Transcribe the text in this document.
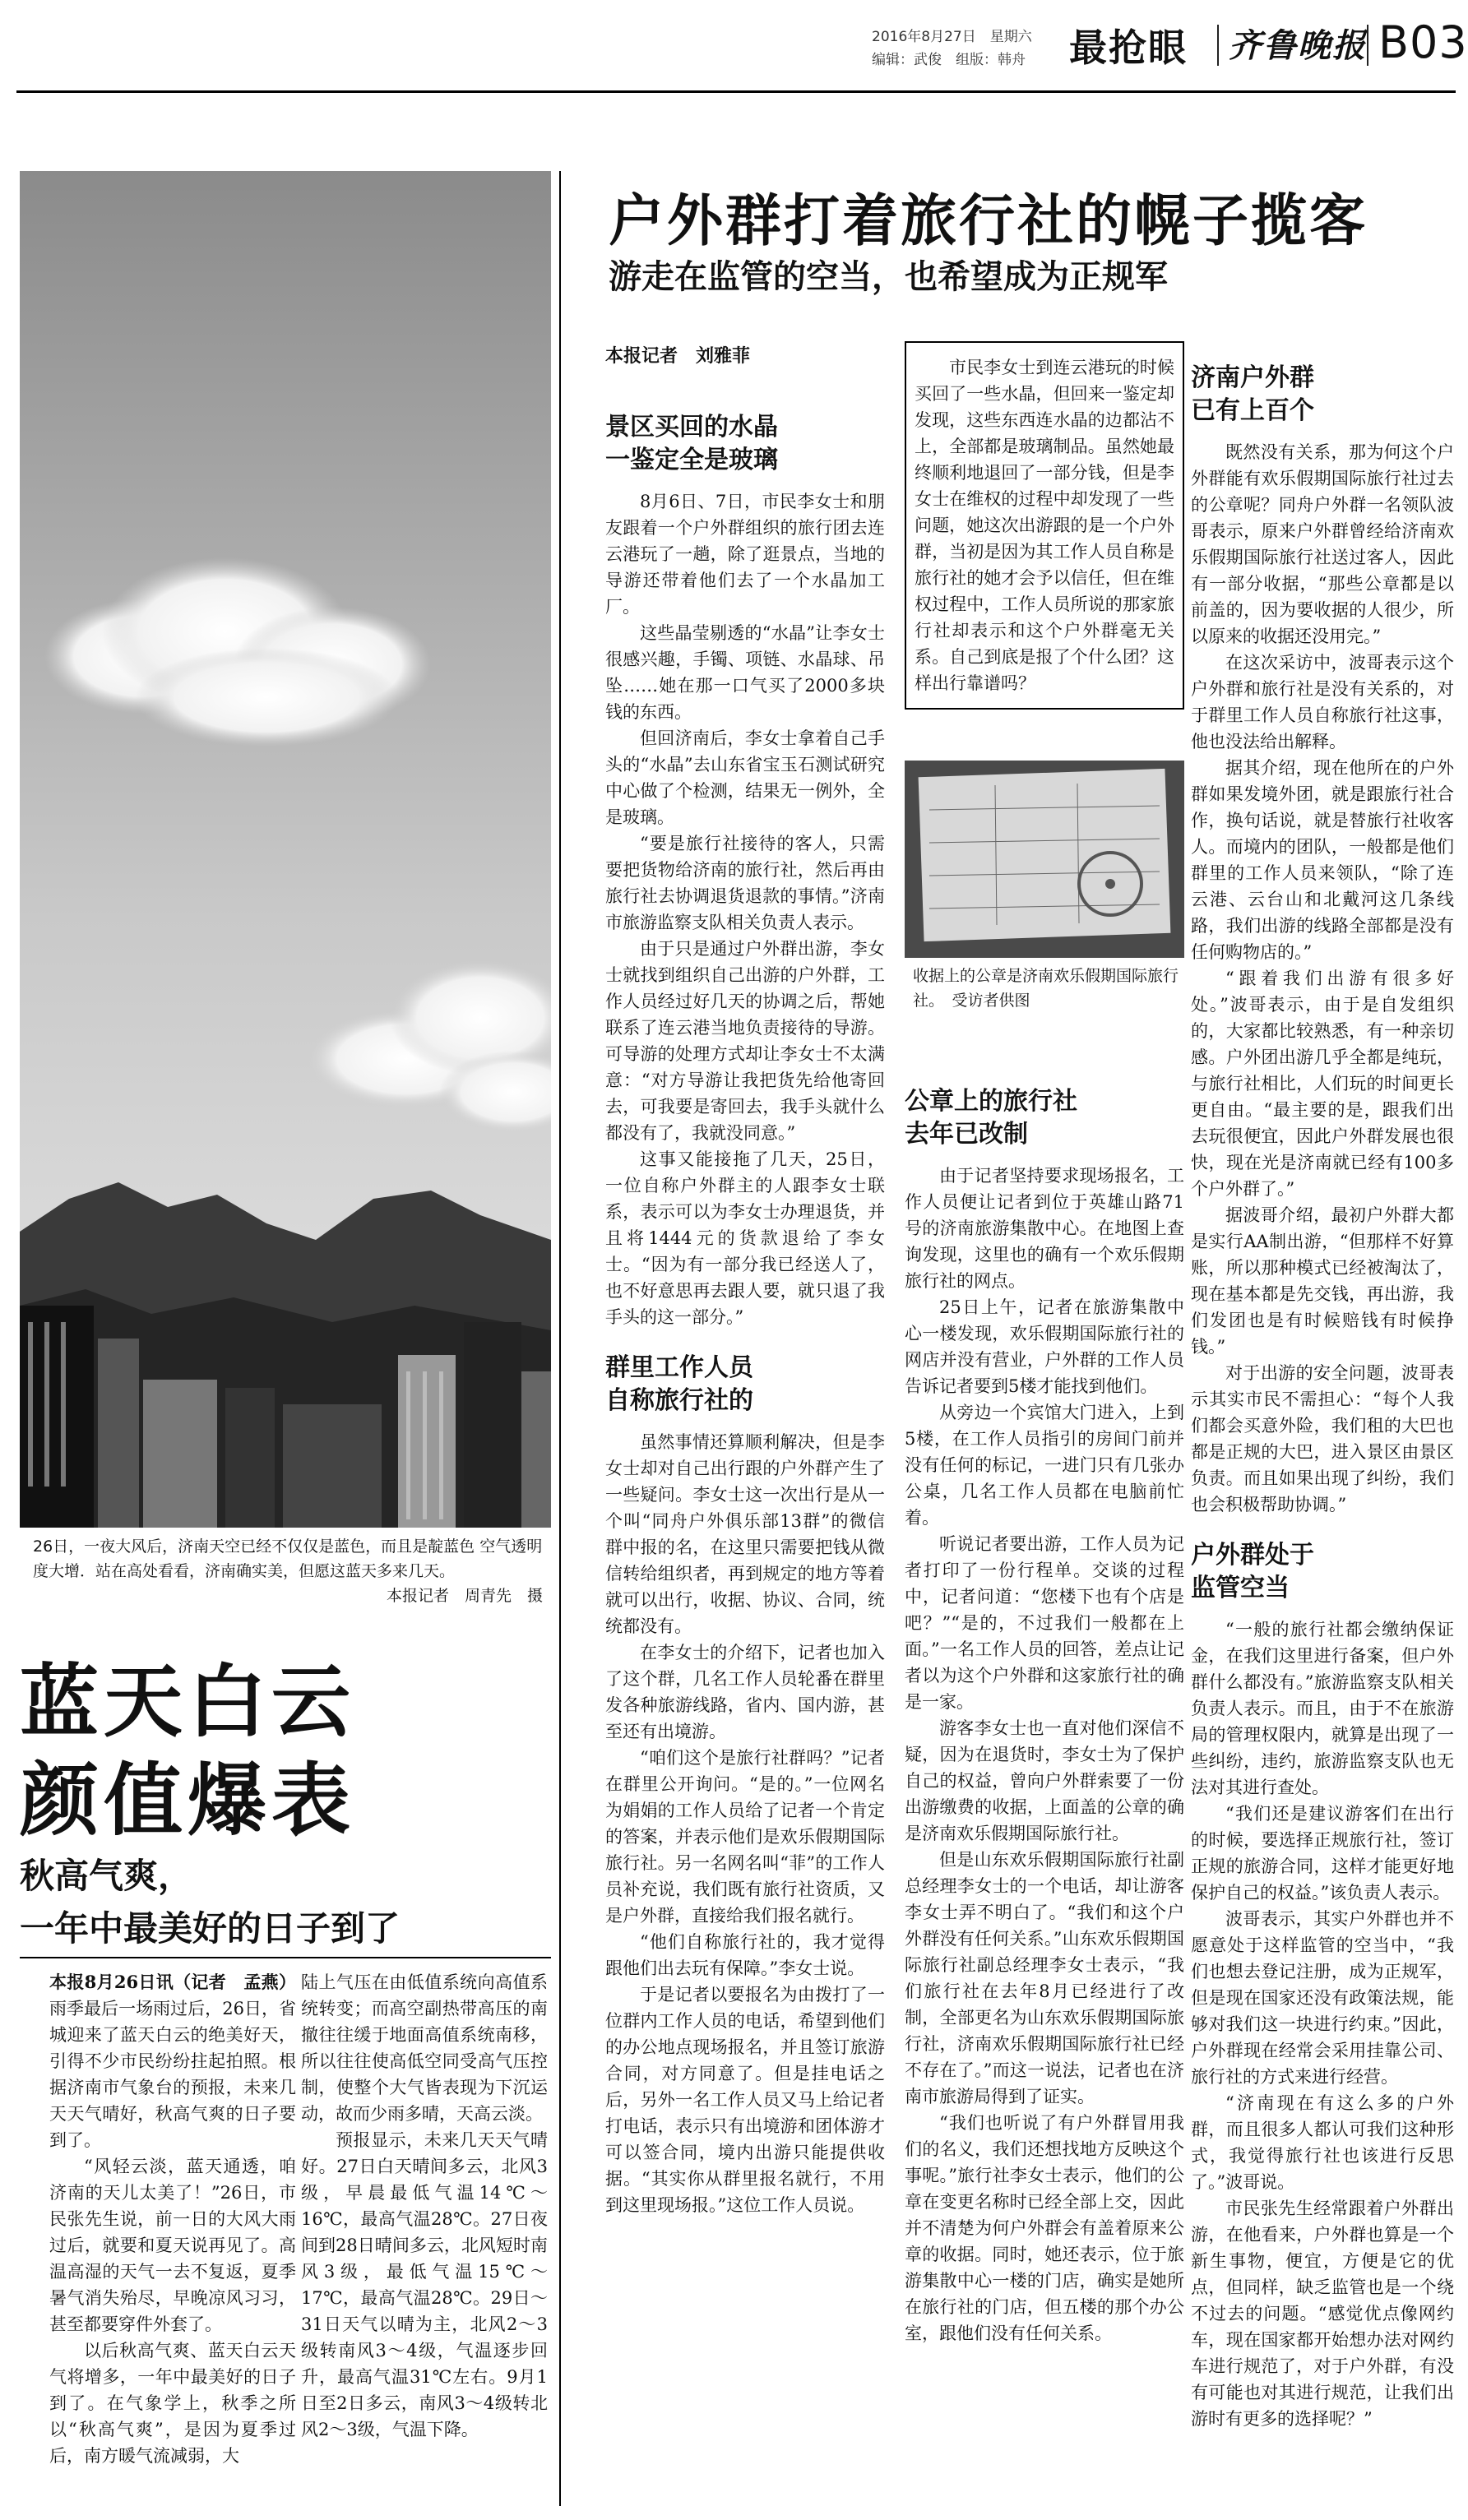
2016年8月27日　星期六
编辑：武俊　组版：韩舟 最抢眼 齐鲁晚报 B03
26日，一夜大风后，济南天空已经不仅仅是蓝色，而且是靛蓝色 空气透明度大增．站在高处看看，济南确实美，但愿这蓝天多来几天。
本报记者　周青先　摄
蓝天白云
颜值爆表
秋高气爽，
一年中最美好的日子到了

本报8月26日讯（记者　孟燕）雨季最后一场雨过后，26日，省城迎来了蓝天白云的绝美好天，引得不少市民纷纷拄起拍照。根据济南市气象台的预报，未来几天天气晴好，秋高气爽的日子要到了。

“风轻云淡，蓝天通透，咱济南的天儿太美了！”26日，市民张先生说，前一日的大风大雨过后，就要和夏天说再见了。高温高湿的天气一去不复返，夏季暑气消失殆尽，早晚凉风习习，甚至都要穿件外套了。

以后秋高气爽、蓝天白云天气将增多，一年中最美好的日子到了。在气象学上，秋季之所以“秋高气爽”，是因为夏季过后，南方暖气流减弱，大

陆上气压在由低值系统向高值系统转变；而高空副热带高压的南撤往往缓于地面高值系统南移，所以往往使高低空同受高气压控制，使整个大气皆表现为下沉运动，故而少雨多晴，天高云淡。

预报显示，未来几天天气晴好。27日白天晴间多云，北风3级，早晨最低气温14℃～16℃，最高气温28℃。27日夜间到28日晴间多云，北风短时南风3级，最低气温15℃～17℃，最高气温28℃。29日～31日天气以晴为主，北风2～3级转南风3～4级，气温逐步回升，最高气温31℃左右。9月1日至2日多云，南风3～4级转北风2～3级，气温下降。

户外群打着旅行社的幌子揽客
游走在监管的空当，也希望成为正规军
本报记者　刘雅菲
景区买回的水晶
一鉴定全是玻璃

8月6日、7日，市民李女士和朋友跟着一个户外群组织的旅行团去连云港玩了一趟，除了逛景点，当地的导游还带着他们去了一个水晶加工厂。

这些晶莹剔透的“水晶”让李女士很感兴趣，手镯、项链、水晶球、吊坠……她在那一口气买了2000多块钱的东西。

但回济南后，李女士拿着自己手头的“水晶”去山东省宝玉石测试研究中心做了个检测，结果无一例外，全是玻璃。

“要是旅行社接待的客人，只需要把货物给济南的旅行社，然后再由旅行社去协调退货退款的事情。”济南市旅游监察支队相关负责人表示。

由于只是通过户外群出游，李女士就找到组织自己出游的户外群，工作人员经过好几天的协调之后，帮她联系了连云港当地负责接待的导游。可导游的处理方式却让李女士不太满意：“对方导游让我把货先给他寄回去，可我要是寄回去，我手头就什么都没有了，我就没同意。”

这事又能接拖了几天，25日，一位自称户外群主的人跟李女士联系，表示可以为李女士办理退货，并且将1444元的货款退给了李女士。“因为有一部分我已经送人了，也不好意思再去跟人要，就只退了我手头的这一部分。”

群里工作人员
自称旅行社的

虽然事情还算顺利解决，但是李女士却对自己出行跟的户外群产生了一些疑问。李女士这一次出行是从一个叫“同舟户外俱乐部13群”的微信群中报的名，在这里只需要把钱从微信转给组织者，再到规定的地方等着就可以出行，收据、协议、合同，统统都没有。

在李女士的介绍下，记者也加入了这个群，几名工作人员轮番在群里发各种旅游线路，省内、国内游，甚至还有出境游。

“咱们这个是旅行社群吗？”记者在群里公开询问。“是的。”一位网名为娟娟的工作人员给了记者一个肯定的答案，并表示他们是欢乐假期国际旅行社。另一名网名叫“菲”的工作人员补充说，我们既有旅行社资质，又是户外群，直接给我们报名就行。

“他们自称旅行社的，我才觉得跟他们出去玩有保障。”李女士说。

于是记者以要报名为由拨打了一位群内工作人员的电话，希望到他们的办公地点现场报名，并且签订旅游合同，对方同意了。但是挂电话之后，另外一名工作人员又马上给记者打电话，表示只有出境游和团体游才可以签合同，境内出游只能提供收据。“其实你从群里报名就行，不用到这里现场报。”这位工作人员说。

市民李女士到连云港玩的时候买回了一些水晶，但回来一鉴定却发现，这些东西连水晶的边都沾不上，全部都是玻璃制品。虽然她最终顺利地退回了一部分钱，但是李女士在维权的过程中却发现了一些问题，她这次出游跟的是一个户外群，当初是因为其工作人员自称是旅行社的她才会予以信任，但在维权过程中，工作人员所说的那家旅行社却表示和这个户外群毫无关系。自己到底是报了个什么团？这样出行靠谱吗？

收据上的公章是济南欢乐假期国际旅行社。　受访者供图
公章上的旅行社
去年已改制

由于记者坚持要求现场报名，工作人员便让记者到位于英雄山路71号的济南旅游集散中心。在地图上查询发现，这里也的确有一个欢乐假期旅行社的网点。

25日上午，记者在旅游集散中心一楼发现，欢乐假期国际旅行社的网店并没有营业，户外群的工作人员告诉记者要到5楼才能找到他们。

从旁边一个宾馆大门进入，上到5楼，在工作人员指引的房间门前并没有任何的标记，一进门只有几张办公桌，几名工作人员都在电脑前忙着。

听说记者要出游，工作人员为记者打印了一份行程单。交谈的过程中，记者问道：“您楼下也有个店是吧？”“是的，不过我们一般都在上面。”一名工作人员的回答，差点让记者以为这个户外群和这家旅行社的确是一家。

游客李女士也一直对他们深信不疑，因为在退货时，李女士为了保护自己的权益，曾向户外群索要了一份出游缴费的收据，上面盖的公章的确是济南欢乐假期国际旅行社。

但是山东欢乐假期国际旅行社副总经理李女士的一个电话，却让游客李女士弄不明白了。“我们和这个户外群没有任何关系。”山东欢乐假期国际旅行社副总经理李女士表示，“我们旅行社在去年8月已经进行了改制，全部更名为山东欢乐假期国际旅行社，济南欢乐假期国际旅行社已经不存在了。”而这一说法，记者也在济南市旅游局得到了证实。

“我们也听说了有户外群冒用我们的名义，我们还想找地方反映这个事呢。”旅行社李女士表示，他们的公章在变更名称时已经全部上交，因此并不清楚为何户外群会有盖着原来公章的收据。同时，她还表示，位于旅游集散中心一楼的门店，确实是她所在旅行社的门店，但五楼的那个办公室，跟他们没有任何关系。

济南户外群
已有上百个

既然没有关系，那为何这个户外群能有欢乐假期国际旅行社过去的公章呢？同舟户外群一名领队波哥表示，原来户外群曾经给济南欢乐假期国际旅行社送过客人，因此有一部分收据，“那些公章都是以前盖的，因为要收据的人很少，所以原来的收据还没用完。”

在这次采访中，波哥表示这个户外群和旅行社是没有关系的，对于群里工作人员自称旅行社这事，他也没法给出解释。

据其介绍，现在他所在的户外群如果发境外团，就是跟旅行社合作，换句话说，就是替旅行社收客人。而境内的团队，一般都是他们群里的工作人员来领队，“除了连云港、云台山和北戴河这几条线路，我们出游的线路全部都是没有任何购物店的。”

“跟着我们出游有很多好处。”波哥表示，由于是自发组织的，大家都比较熟悉，有一种亲切感。户外团出游几乎全都是纯玩，与旅行社相比，人们玩的时间更长更自由。“最主要的是，跟我们出去玩很便宜，因此户外群发展也很快，现在光是济南就已经有100多个户外群了。”

据波哥介绍，最初户外群大都是实行AA制出游，“但那样不好算账，所以那种模式已经被淘汰了，现在基本都是先交钱，再出游，我们发团也是有时候赔钱有时候挣钱。”

对于出游的安全问题，波哥表示其实市民不需担心：“每个人我们都会买意外险，我们租的大巴也都是正规的大巴，进入景区由景区负责。而且如果出现了纠纷，我们也会积极帮助协调。”

户外群处于
监管空当

“一般的旅行社都会缴纳保证金，在我们这里进行备案，但户外群什么都没有。”旅游监察支队相关负责人表示。而且，由于不在旅游局的管理权限内，就算是出现了一些纠纷，违约，旅游监察支队也无法对其进行查处。

“我们还是建议游客们在出行的时候，要选择正规旅行社，签订正规的旅游合同，这样才能更好地保护自己的权益。”该负责人表示。

波哥表示，其实户外群也并不愿意处于这样监管的空当中，“我们也想去登记注册，成为正规军，但是现在国家还没有政策法规，能够对我们这一块进行约束。”因此，户外群现在经常会采用挂靠公司、旅行社的方式来进行经营。

“济南现在有这么多的户外群，而且很多人都认可我们这种形式，我觉得旅行社也该进行反思了。”波哥说。

市民张先生经常跟着户外群出游，在他看来，户外群也算是一个新生事物，便宜，方便是它的优点，但同样，缺乏监管也是一个绕不过去的问题。“感觉优点像网约车，现在国家都开始想办法对网约车进行规范了，对于户外群，有没有可能也对其进行规范，让我们出游时有更多的选择呢？”
